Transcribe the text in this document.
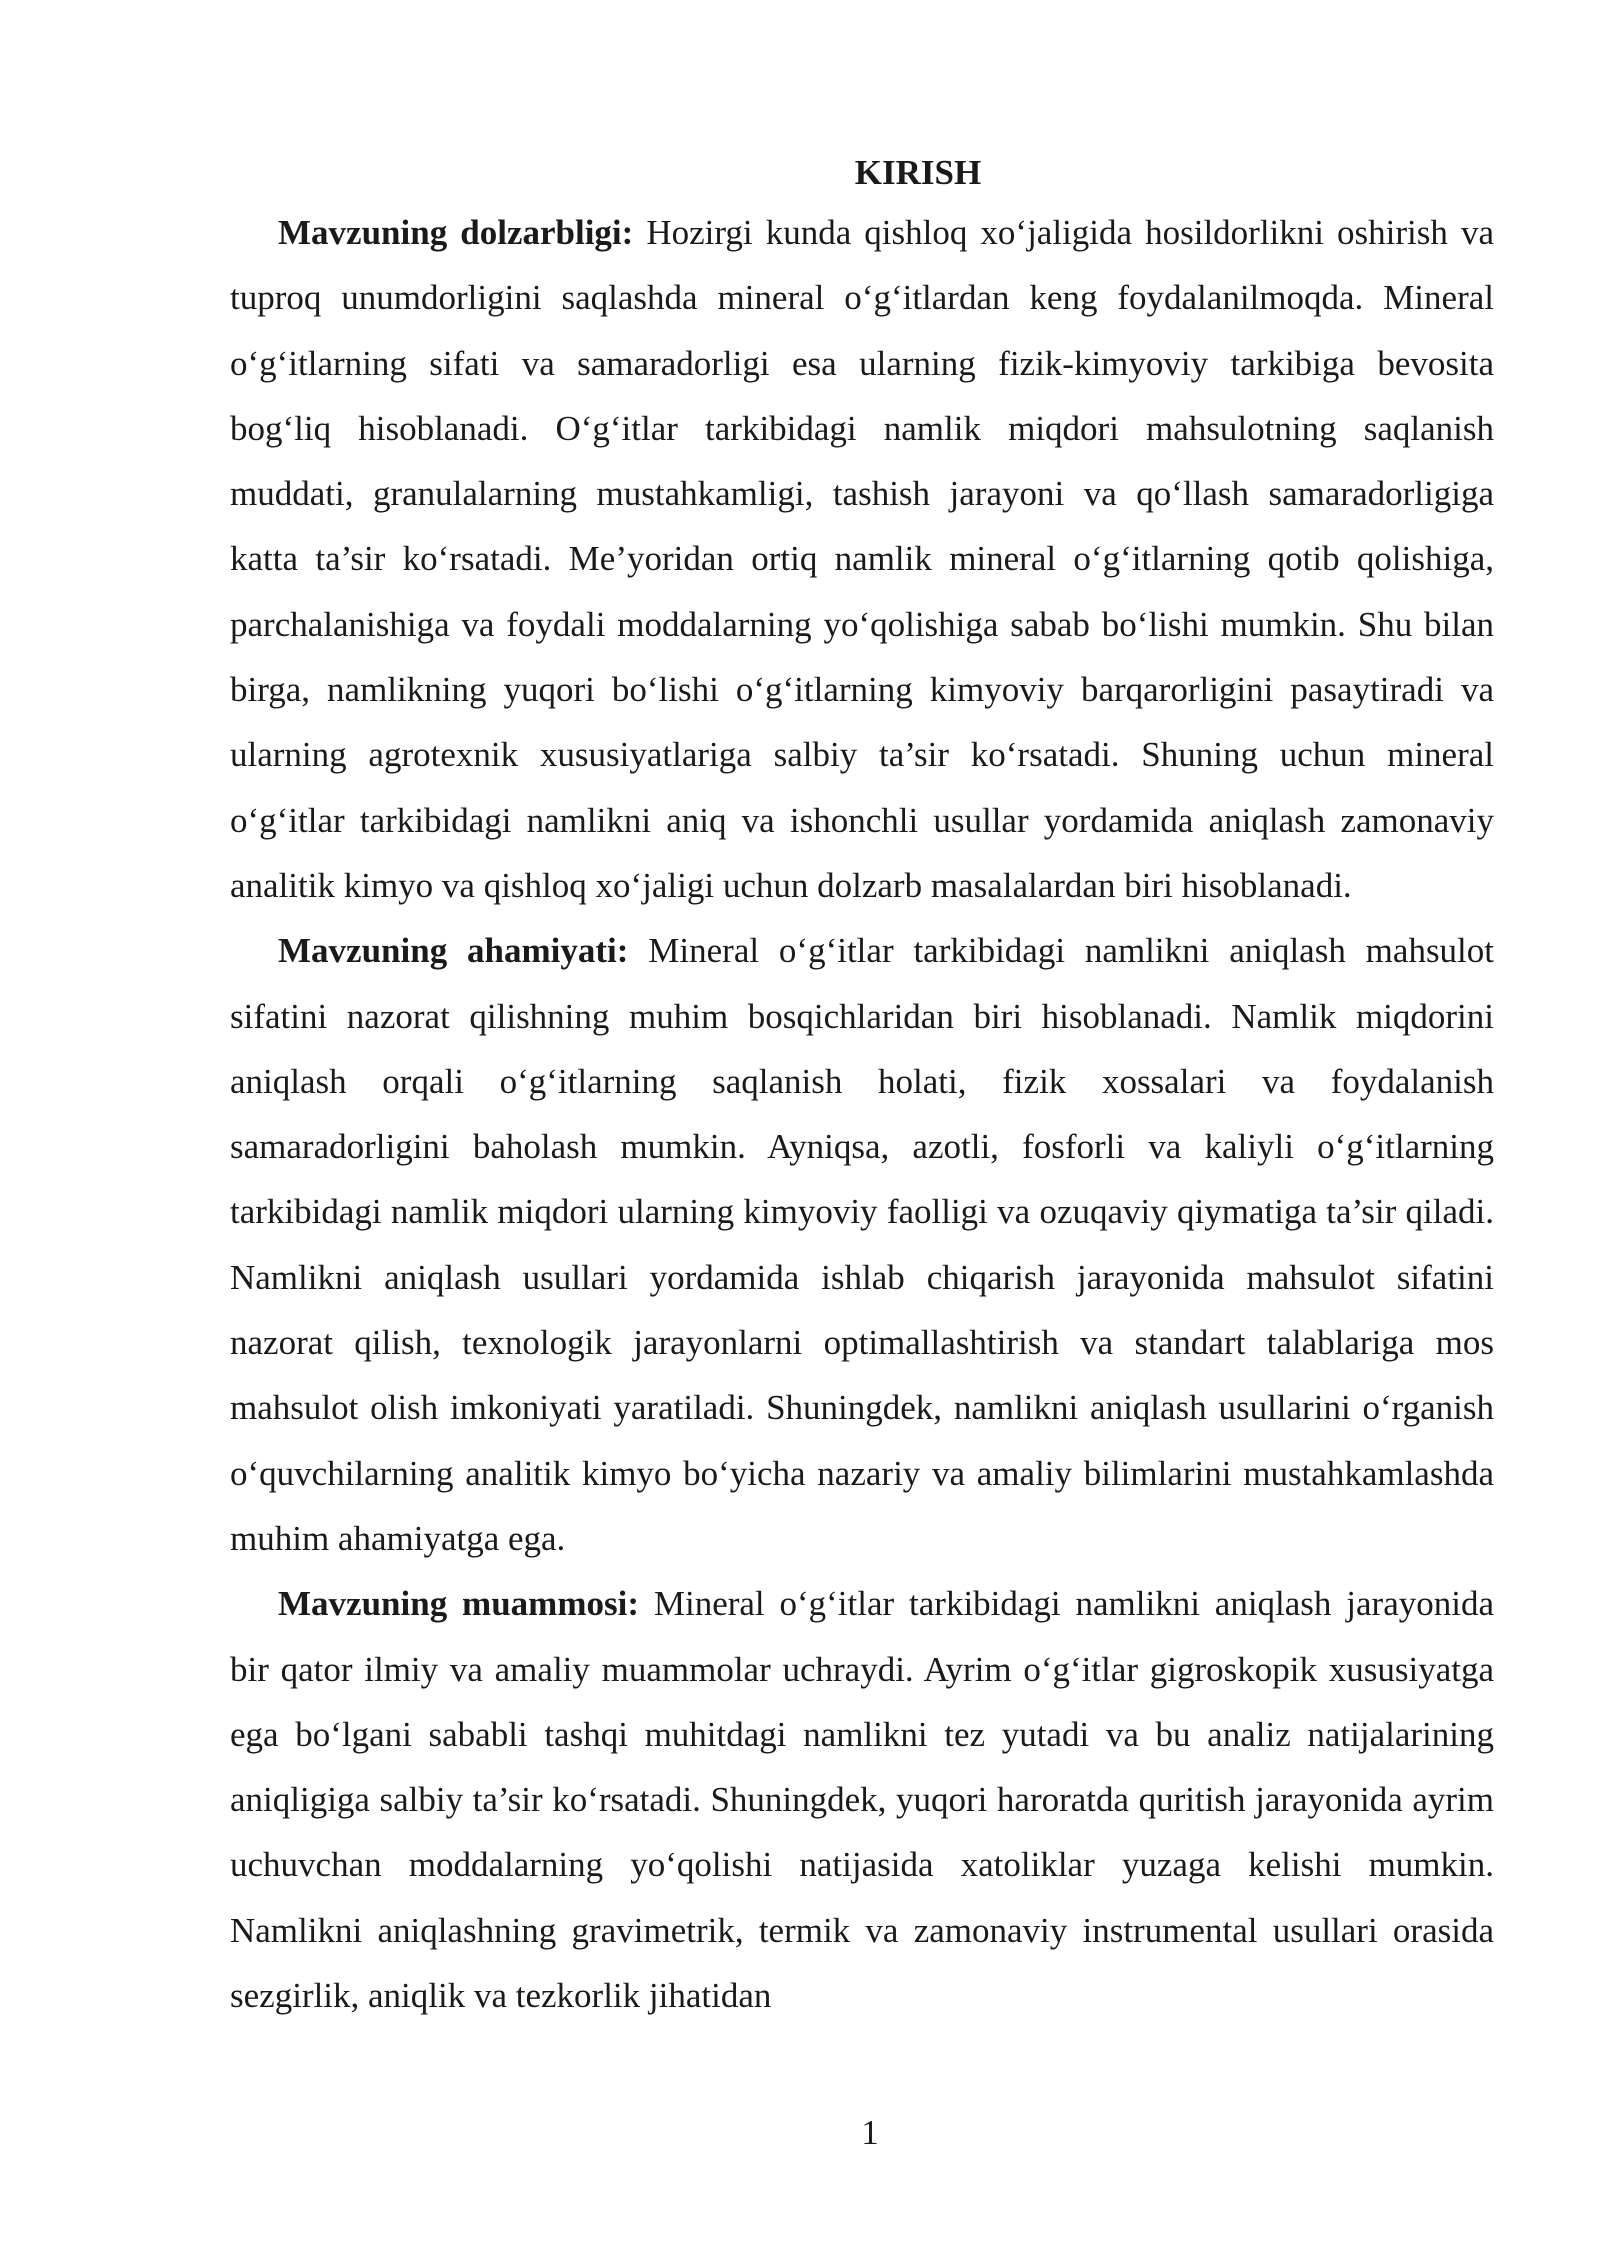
KIRISH

Mavzuning dolzarbligi: Hozirgi kunda qishloq xo‘jaligida hosildorlikni oshirish va tuproq unumdorligini saqlashda mineral o‘g‘itlardan keng foydalanilmoqda. Mineral o‘g‘itlarning sifati va samaradorligi esa ularning fizik-kimyoviy tarkibiga bevosita bog‘liq hisoblanadi. O‘g‘itlar tarkibidagi namlik miqdori mahsulotning saqlanish muddati, granulalarning mustahkamligi, tashish jarayoni va qo‘llash samaradorligiga katta ta’sir ko‘rsatadi. Me’yoridan ortiq namlik mineral o‘g‘itlarning qotib qolishiga, parchalanishiga va foydali moddalarning yo‘qolishiga sabab bo‘lishi mumkin. Shu bilan birga, namlikning yuqori bo‘lishi o‘g‘itlarning kimyoviy barqarorligini pasaytiradi va ularning agrotexnik xususiyatlariga salbiy ta’sir ko‘rsatadi. Shuning uchun mineral o‘g‘itlar tarkibidagi namlikni aniq va ishonchli usullar yordamida aniqlash zamonaviy analitik kimyo va qishloq xo‘jaligi uchun dolzarb masalalardan biri hisoblanadi.

Mavzuning ahamiyati: Mineral o‘g‘itlar tarkibidagi namlikni aniqlash mahsulot sifatini nazorat qilishning muhim bosqichlaridan biri hisoblanadi. Namlik miqdorini aniqlash orqali o‘g‘itlarning saqlanish holati, fizik xossalari va foydalanish samaradorligini baholash mumkin. Ayniqsa, azotli, fosforli va kaliyli o‘g‘itlarning tarkibidagi namlik miqdori ularning kimyoviy faolligi va ozuqaviy qiymatiga ta’sir qiladi. Namlikni aniqlash usullari yordamida ishlab chiqarish jarayonida mahsulot sifatini nazorat qilish, texnologik jarayonlarni optimallashtirish va standart talablariga mos mahsulot olish imkoniyati yaratiladi. Shuningdek, namlikni aniqlash usullarini o‘rganish o‘quvchilarning analitik kimyo bo‘yicha nazariy va amaliy bilimlarini mustahkamlashda muhim ahamiyatga ega.

Mavzuning muammosi: Mineral o‘g‘itlar tarkibidagi namlikni aniqlash jarayonida bir qator ilmiy va amaliy muammolar uchraydi. Ayrim o‘g‘itlar gigroskopik xususiyatga ega bo‘lgani sababli tashqi muhitdagi namlikni tez yutadi va bu analiz natijalarining aniqligiga salbiy ta’sir ko‘rsatadi. Shuningdek, yuqori haroratda quritish jarayonida ayrim uchuvchan moddalarning yo‘qolishi natijasida xatoliklar yuzaga kelishi mumkin. Namlikni aniqlashning gravimetrik, termik va zamonaviy instrumental usullari orasida sezgirlik, aniqlik va tezkorlik jihatidan

1
